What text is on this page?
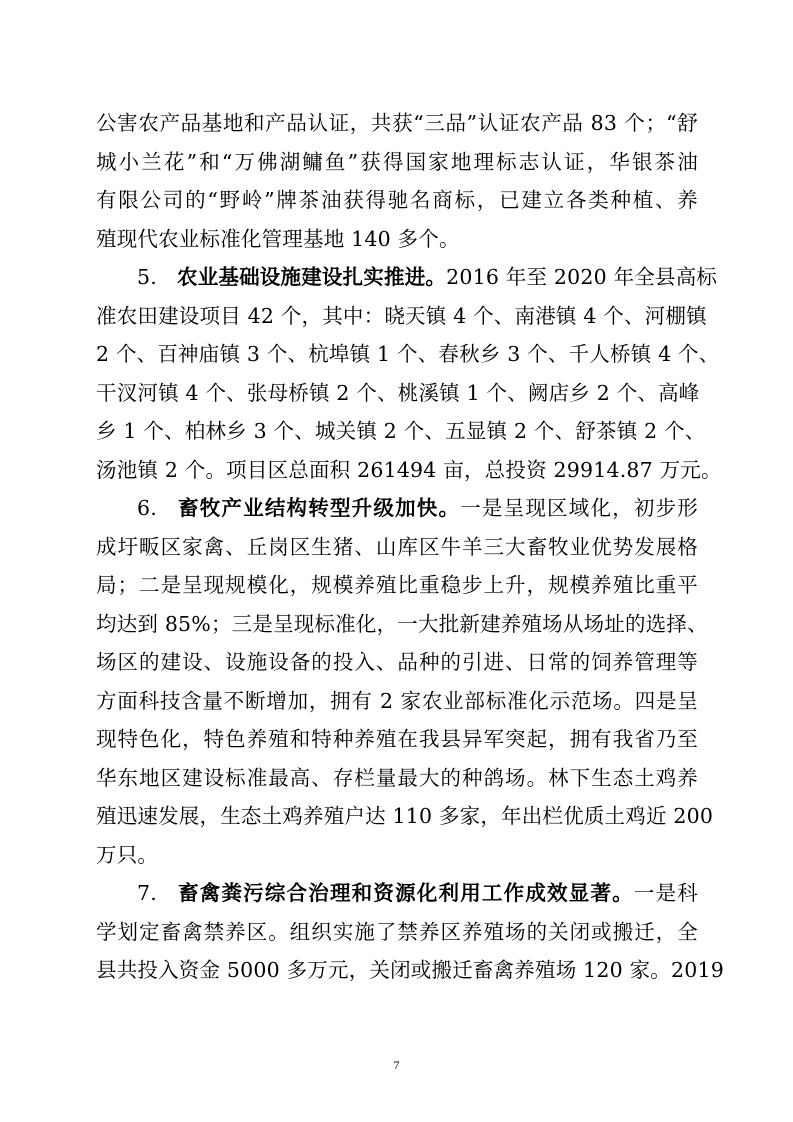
公害农产品基地和产品认证，共获“三品”认证农产品 83 个；“舒

城小兰花”和“万佛湖鳙鱼”获得国家地理标志认证，华银茶油

有限公司的“野岭”牌茶油获得驰名商标，已建立各类种植、养

殖现代农业标准化管理基地 140 多个。

5. 农业基础设施建设扎实推进。2016 年至 2020 年全县高标

准农田建设项目 42 个，其中：晓天镇 4 个、南港镇 4 个、河棚镇

2 个、百神庙镇 3 个、杭埠镇 1 个、春秋乡 3 个、千人桥镇 4 个、

干汊河镇 4 个、张母桥镇 2 个、桃溪镇 1 个、阙店乡 2 个、高峰

乡 1 个、柏林乡 3 个、城关镇 2 个、五显镇 2 个、舒茶镇 2 个、

汤池镇 2 个。项目区总面积 261494 亩，总投资 29914.87 万元。

6. 畜牧产业结构转型升级加快。一是呈现区域化，初步形

成圩畈区家禽、丘岗区生猪、山库区牛羊三大畜牧业优势发展格

局；二是呈现规模化，规模养殖比重稳步上升，规模养殖比重平

均达到 85%；三是呈现标准化，一大批新建养殖场从场址的选择、

场区的建设、设施设备的投入、品种的引进、日常的饲养管理等

方面科技含量不断增加，拥有 2 家农业部标准化示范场。四是呈

现特色化，特色养殖和特种养殖在我县异军突起，拥有我省乃至

华东地区建设标准最高、存栏量最大的种鸽场。林下生态土鸡养

殖迅速发展，生态土鸡养殖户达 110 多家，年出栏优质土鸡近 200

万只。

7. 畜禽粪污综合治理和资源化利用工作成效显著。一是科

学划定畜禽禁养区。组织实施了禁养区养殖场的关闭或搬迁，全

县共投入资金 5000 多万元，关闭或搬迁畜禽养殖场 120 家。2019

7
